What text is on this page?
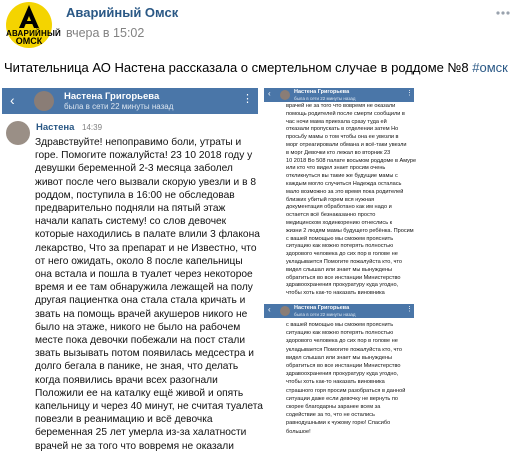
АВАРИЙНЫЙ
ОМСК
Аварийный Омск
вчера в 15:02
Читательница АО Настена рассказала о смертельном случае в роддоме №8 #омск
‹	Настена Григорьева
была в сети 22 минуты назад
⋮
Настена 14:39
Здравствуйте! непоправимо боли, утраты и
горе. Помогите пожалуйста! 23 10 2018 году у
девушки беременной 2-3 месяца заболел
живот после чего вызвали скорую увезли и в 8
роддом, поступила в 16:00 не обследовав
предварительно подняли на пятый этаж
начали капать систему! со слов девочек
которые находились в палате влили 3 флакона
лекарство, Что за препарат и не Известно, что
от него ожидать, около 8 после капельницы
она встала и пошла в туалет через некоторое
время и ее там обнаружила лежащей на полу
другая пациентка она стала стала кричать и
звать на помощь врачей акушеров никого не
было на этаже, никого не было на рабочем
месте пока девочки побежали на пост стали
звать вызывать потом появилась медсестра и
долго бегала в панике, не зная, что делать
когда появились врачи всех разогнали
Положили ее на каталку ещё живой и опять
капельницу и через 40 минут, не считая туалета
повезли в реанимацию и всё девочка
беременная 25 лет умерла из-за халатности
врачей не за того что вовремя не оказали
‹	Настена Григорьева
была в сети 22 минуты назад
⋮
врачей не за того что вовремя не оказали
помощь родителей после смерти сообщили в
час ночи мама приехала сразу туда ей
отказали пропускать в отделении затем Но
просьбу мамы о том чтобы она ее увезли в
морг отреагировали обмана и всё-таки увезли
в морг Девочки кто лежал во вторник 23
10 2018 Во 508 палате восьмом роддоме в Амуре
или кто что видел знает просим очень
откликнуться вы такие же будущие мамы с
каждым могло случиться Надежда осталась
мало возможно за это время пока родителей
близких убитый горем вся нужная
документация обработано как им надо и
остается всё безнаказанно просто
медицинском ходинкорению отнеслись к
жизни 2 людям мамы будущего ребёнка. Просим
с вашей помощью мы сможем прояснить
ситуацию как можно потерять полностью
здорового человека до сих пор в голове не
укладывается Помогите пожалуйста кто, что
видел слышал или знает мы вынуждены
обратиться во все инстанции Министерство
здравоохранения прокуратуру куда угодно,
чтобы хоть как-то наказать виновника
‹	Настена Григорьева
была в сети 22 минуты назад
⋮
с вашей помощью мы сможем прояснить
ситуацию как можно потерять полностью
здорового человека до сих пор в голове не
укладывается Помогите пожалуйста кто, что
видел слышал или знает мы вынуждены
обратиться во все инстанции Министерство
здравоохранения прокуратуру куда угодно,
чтобы хоть как-то наказать виновника
страшного горя просим разобраться в данной
ситуации даже если девочку не вернуть по
скорее благодарны заранее всем за
содействие за то, что не остались
равнодушными к чужому горю! Спасибо
большое!
